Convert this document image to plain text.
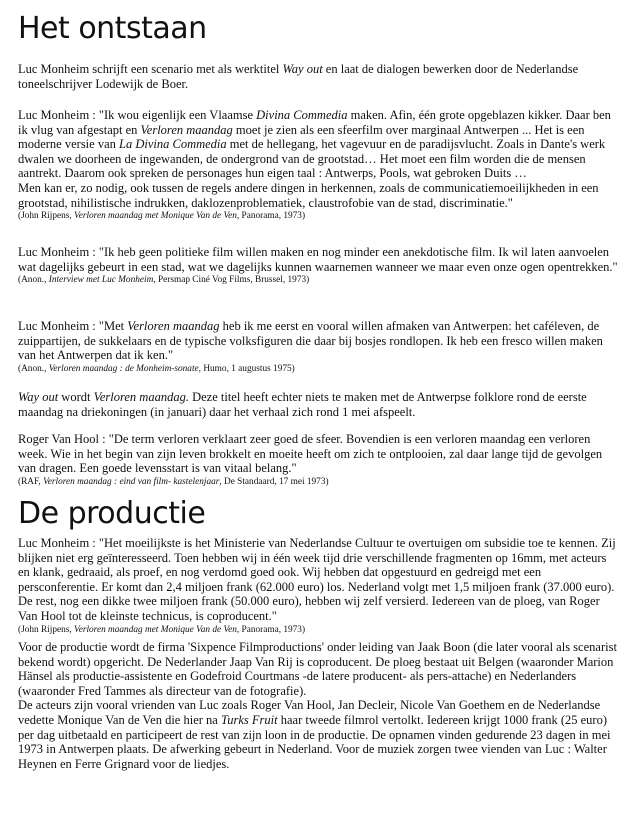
Het ontstaan

Luc Monheim schrijft een scenario met als werktitel Way out en laat de dialogen bewerken door de Nederlandse toneelschrijver Lodewijk de Boer.

Luc Monheim : "Ik wou eigenlijk een Vlaamse Divina Commedia maken. Afin, één grote opgeblazen kikker. Daar ben ik vlug van afgestapt en Verloren maandag moet je zien als een sfeerfilm over marginaal Antwerpen ... Het is een moderne versie van La Divina Commedia met de hellegang, het vagevuur en de paradijsvlucht. Zoals in Dante's werk dwalen we doorheen de ingewanden, de ondergrond van de grootstad… Het moet een film worden die de mensen aantrekt. Daarom ook spreken de personages hun eigen taal : Antwerps, Pools, wat gebroken Duits …

Men kan er, zo nodig, ook tussen de regels andere dingen in herkennen, zoals de communicatiemoeilijkheden in een grootstad, nihilistische indrukken, daklozenproblematiek, claustrofobie van de stad, discriminatie."

(John Rijpens, Verloren maandag met Monique Van de Ven, Panorama, 1973)

Luc Monheim : "Ik heb geen politieke film willen maken en nog minder een anekdotische film. Ik wil laten aanvoelen wat dagelijks gebeurt in een stad, wat we dagelijks kunnen waarnemen wanneer we maar even onze ogen opentrekken."

(Anon., Interview met Luc Monheim, Persmap Ciné Vog Films, Brussel, 1973)

Luc Monheim : "Met Verloren maandag heb ik me eerst en vooral willen afmaken van Antwerpen: het caféleven, de zuippartijen, de sukkelaars en de typische volksfiguren die daar bij bosjes rondlopen. Ik heb een fresco willen maken van het Antwerpen dat ik ken."

(Anon., Verloren maandag : de Monheim-sonate, Humo, 1 augustus 1975)

Way out wordt Verloren maandag. Deze titel heeft echter niets te maken met de Antwerpse folklore rond de eerste maandag na driekoningen (in januari) daar het verhaal zich rond 1 mei afspeelt.

Roger Van Hool : "De term verloren verklaart zeer goed de sfeer. Bovendien is een verloren maandag een verloren week. Wie in het begin van zijn leven brokkelt en moeite heeft om zich te ontplooien, zal daar lange tijd de gevolgen van dragen. Een goede levensstart is van vitaal belang."

(RAF, Verloren maandag : eind van film- kastelenjaar, De Standaard, 17 mei 1973)
De productie

Luc Monheim : "Het moeilijkste is het Ministerie van Nederlandse Cultuur te overtuigen om subsidie toe te kennen. Zij blijken niet erg geïnteresseerd. Toen hebben wij in één week tijd drie verschillende fragmenten op 16mm, met acteurs en klank, gedraaid, als proef, en nog verdomd goed ook. Wij hebben dat opgestuurd en gedreigd met een persconferentie. Er komt dan 2,4 miljoen frank (62.000 euro) los. Nederland volgt met 1,5 miljoen frank (37.000 euro). De rest, nog een dikke twee miljoen frank (50.000 euro), hebben wij zelf versierd. Iedereen van de ploeg, van Roger Van Hool tot de kleinste technicus, is coproducent."

(John Rijpens, Verloren maandag met Monique Van de Ven, Panorama, 1973)

Voor de productie wordt de firma 'Sixpence Filmproductions' onder leiding van Jaak Boon (die later vooral als scenarist bekend wordt) opgericht. De Nederlander Jaap Van Rij is coproducent. De ploeg bestaat uit Belgen (waaronder Marion Hänsel als productie-assistente en Godefroid Courtmans -de latere producent- als pers-attache) en Nederlanders (waaronder Fred Tammes als directeur van de fotografie).

De acteurs zijn vooral vrienden van Luc zoals Roger Van Hool, Jan Decleir, Nicole Van Goethem en de Nederlandse vedette Monique Van de Ven die hier na Turks Fruit haar tweede filmrol vertolkt. Iedereen krijgt 1000 frank (25 euro) per dag uitbetaald en participeert de rest van zijn loon in de productie. De opnamen vinden gedurende 23 dagen in mei 1973 in Antwerpen plaats. De afwerking gebeurt in Nederland. Voor de muziek zorgen twee vienden van Luc : Walter Heynen en Ferre Grignard voor de liedjes.
